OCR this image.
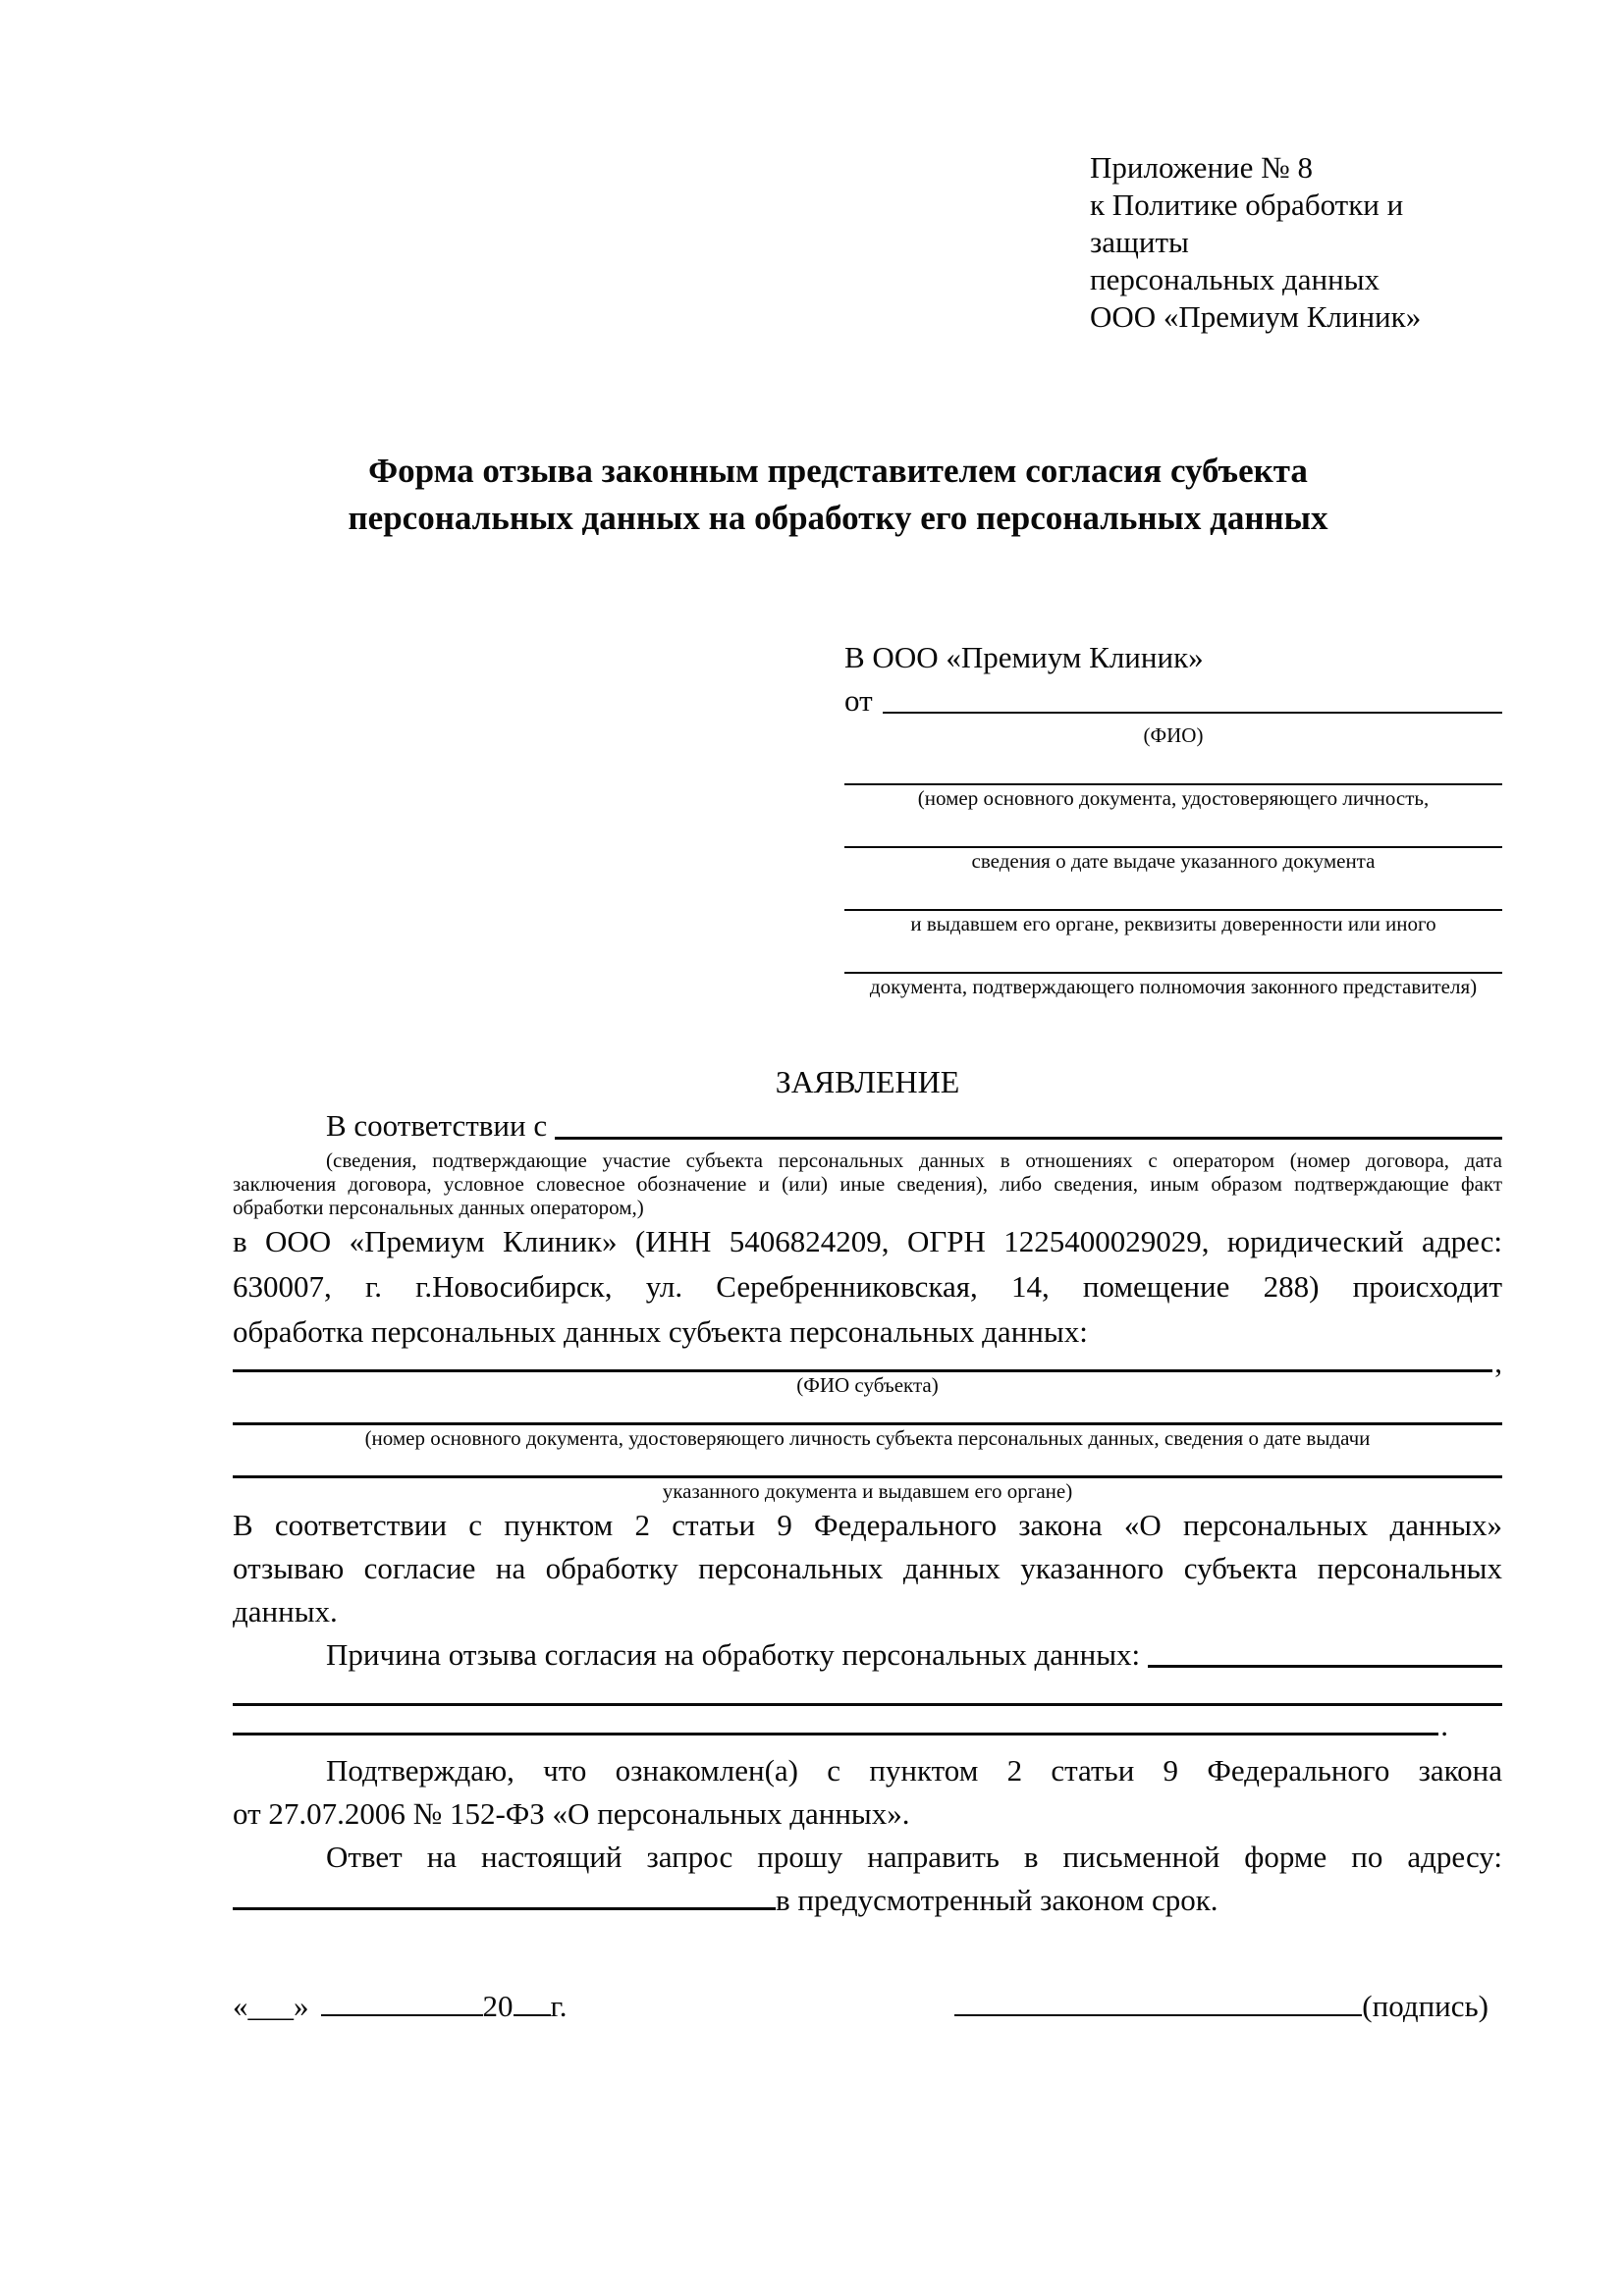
Приложение № 8
к Политике обработки и защиты
персональных данных
ООО «Премиум Клиник»
Форма отзыва законным представителем согласия субъекта
персональных данных на обработку его персональных данных
В ООО «Премиум Клиник»
от
(ФИО)
(номер основного документа, удостоверяющего личность,
сведения о дате выдаче указанного документа
и выдавшем его органе, реквизиты доверенности или иного
документа, подтверждающего полномочия законного представителя)
ЗАЯВЛЕНИЕ
В соответствии с
(сведения, подтверждающие участие субъекта персональных данных в отношениях с оператором (номер договора, дата
заключения договора, условное словесное обозначение и (или) иные сведения), либо сведения, иным образом подтверждающие факт
обработки персональных данных оператором,)
в ООО «Премиум Клиник» (ИНН 5406824209, ОГРН 1225400029029, юридический адрес:
630007, г. г.Новосибирск, ул. Серебренниковская, 14, помещение 288) происходит
обработка персональных данных субъекта персональных данных:
,
(ФИО субъекта)
(номер основного документа, удостоверяющего личность субъекта персональных данных, сведения о дате выдачи
указанного документа и выдавшем его органе)
В соответствии с пунктом 2 статьи 9 Федерального закона «О персональных данных»
отзываю согласие на обработку персональных данных указанного субъекта персональных
данных.
Причина отзыва согласия на обработку персональных данных:
.
Подтверждаю, что ознакомлен(а) с пунктом 2 статьи 9 Федерального закона
от 27.07.2006 № 152-ФЗ «О персональных данных».
Ответ на настоящий запрос прошу направить в письменной форме по адресу:
в предусмотренный законом срок.
«___»	20 г.	(подпись)
